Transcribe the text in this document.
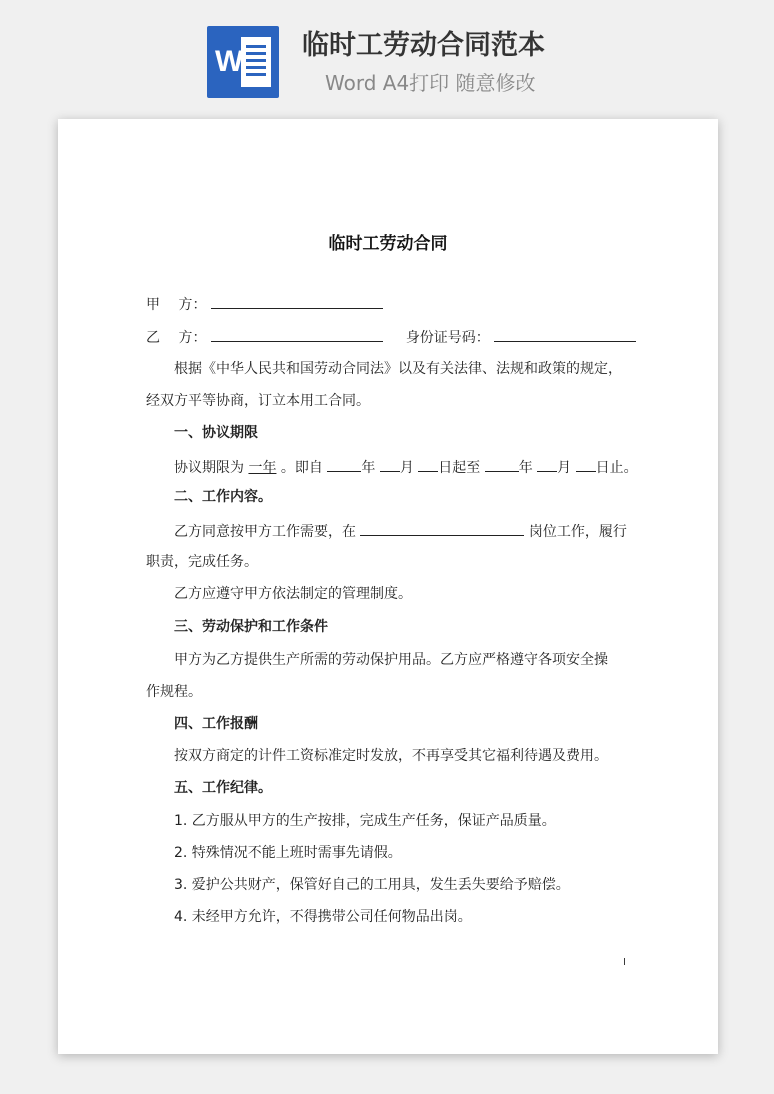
W 临时工劳动合同范本
Word A4打印 随意修改
临时工劳动合同
甲　 方：
乙　 方：	身份证号码：
根据《中华人民共和国劳动合同法》以及有关法律、法规和政策的规定，
经双方平等协商，订立本用工合同。
一、协议期限
协议期限为 一年 。即自	年 月 日起至	年 月 日止。
二、工作内容。
乙方同意按甲方工作需要，在	岗位工作，履行
职责，完成任务。
乙方应遵守甲方依法制定的管理制度。
三、劳动保护和工作条件
甲方为乙方提供生产所需的劳动保护用品。乙方应严格遵守各项安全操
作规程。
四、工作报酬
按双方商定的计件工资标准定时发放，不再享受其它福利待遇及费用。
五、工作纪律。
1. 乙方服从甲方的生产按排，完成生产任务，保证产品质量。
2. 特殊情况不能上班时需事先请假。
3. 爱护公共财产，保管好自己的工用具，发生丢失要给予赔偿。
4. 未经甲方允许，不得携带公司任何物品出岗。
I
